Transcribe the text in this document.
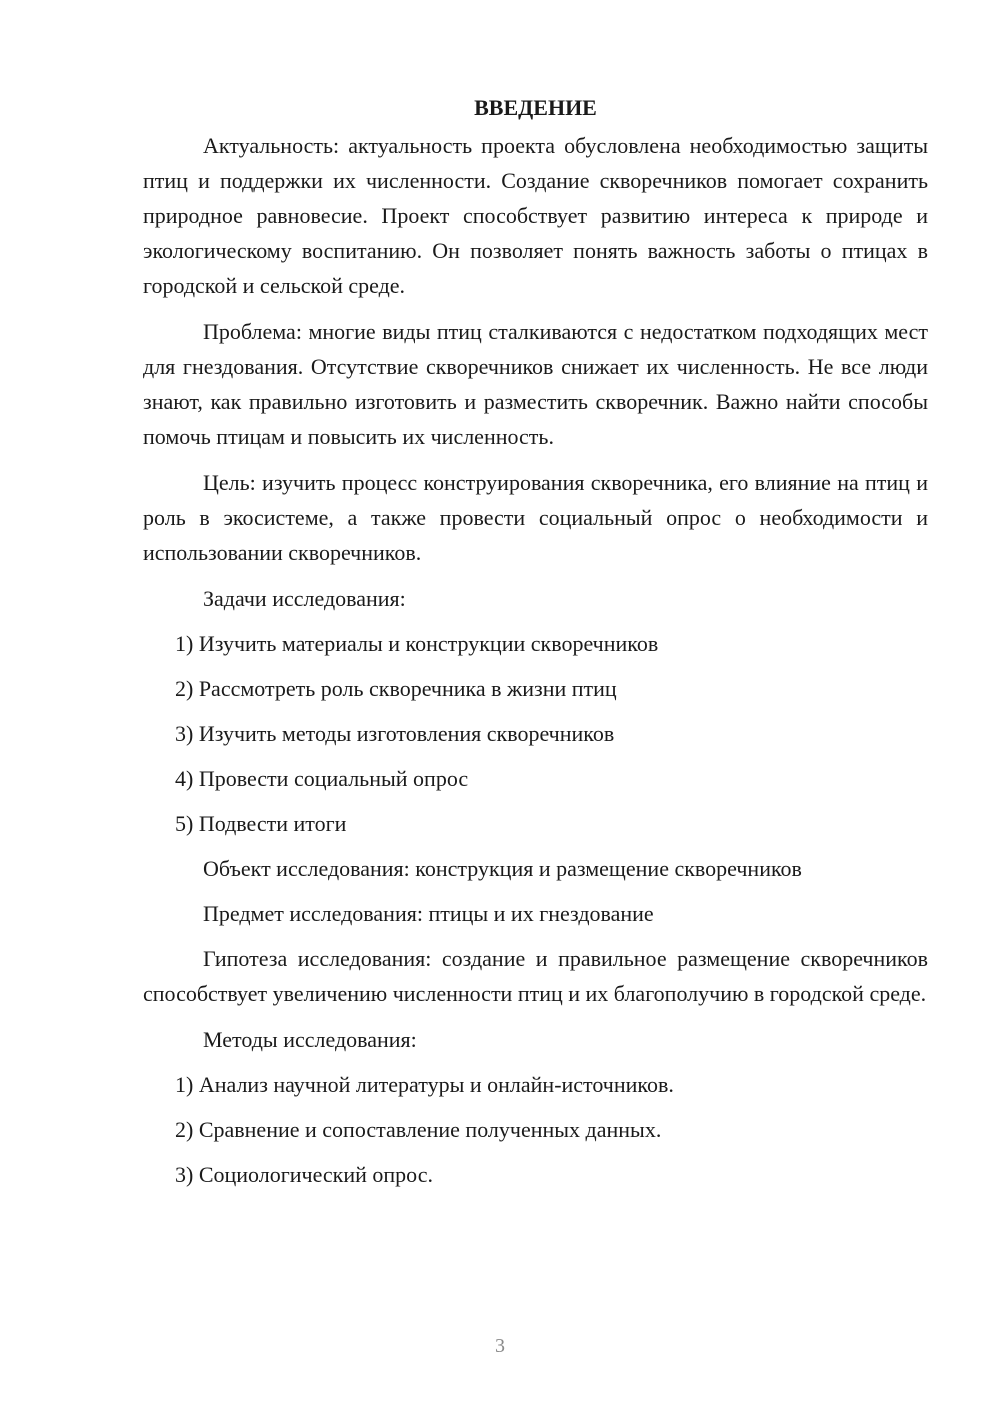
ВВЕДЕНИЕ

Актуальность: актуальность проекта обусловлена необходимостью защиты птиц и поддержки их численности. Создание скворечников помогает сохранить природное равновесие. Проект способствует развитию интереса к природе и экологическому воспитанию. Он позволяет понять важность заботы о птицах в городской и сельской среде.

Проблема: многие виды птиц сталкиваются с недостатком подходящих мест для гнездования. Отсутствие скворечников снижает их численность. Не все люди знают, как правильно изготовить и разместить скворечник. Важно найти способы помочь птицам и повысить их численность.

Цель: изучить процесс конструирования скворечника, его влияние на птиц и роль в экосистеме, а также провести социальный опрос о необходимости и использовании скворечников.

Задачи исследования:
1) Изучить материалы и конструкции скворечников
2) Рассмотреть роль скворечника в жизни птиц
3) Изучить методы изготовления скворечников
4) Провести социальный опрос
5) Подвести итоги
Объект исследования: конструкция и размещение скворечников
Предмет исследования: птицы и их гнездование

Гипотеза исследования: создание и правильное размещение скворечников способствует увеличению численности птиц и их благополучию в городской среде.

Методы исследования:
1) Анализ научной литературы и онлайн-источников.
2) Сравнение и сопоставление полученных данных.
3) Социологический опрос.
3
